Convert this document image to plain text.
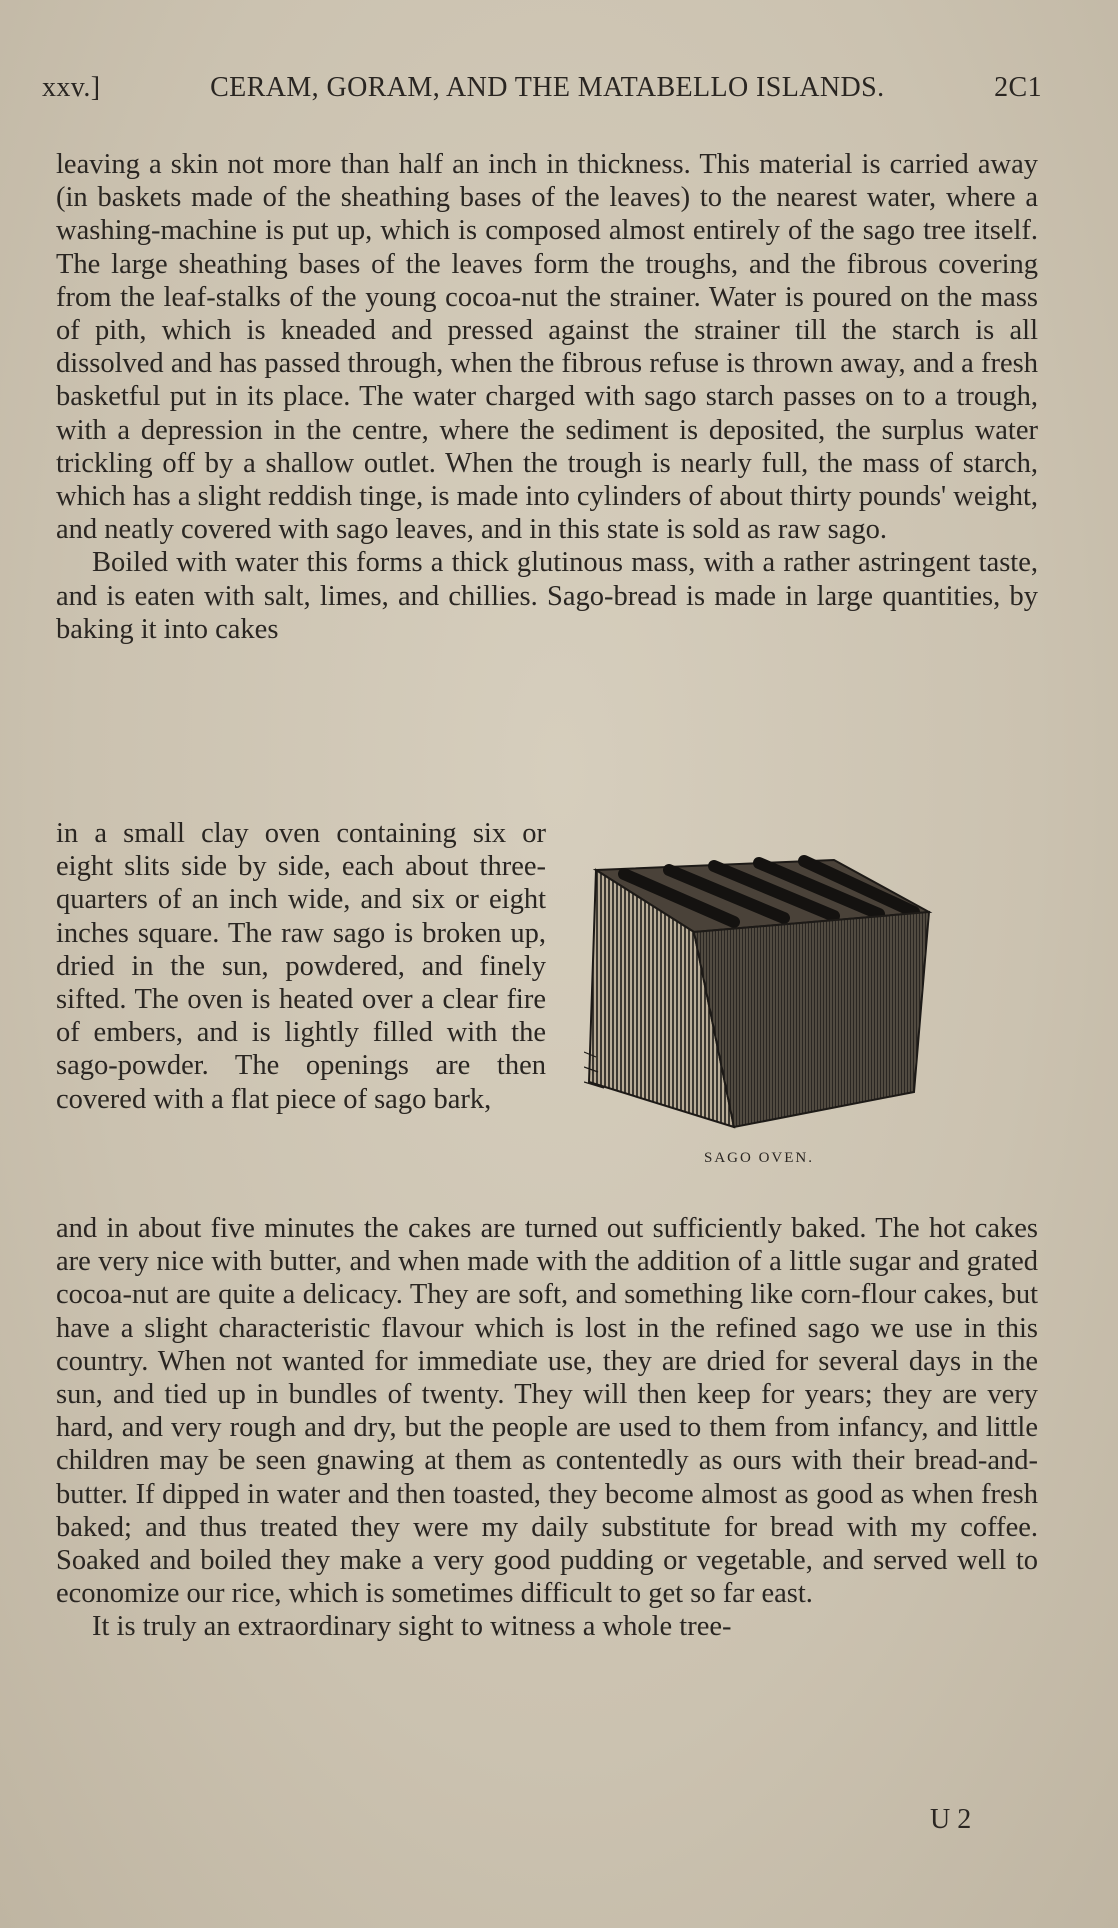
xxv.]	CERAM, GORAM, AND THE MATABELLO ISLANDS.	2C1

leaving a skin not more than half an inch in thickness. This material is carried away (in baskets made of the sheathing bases of the leaves) to the nearest water, where a washing-machine is put up, which is composed almost entirely of the sago tree itself. The large sheathing bases of the leaves form the troughs, and the fibrous covering from the leaf-stalks of the young cocoa-nut the strainer. Water is poured on the mass of pith, which is kneaded and pressed against the strainer till the starch is all dissolved and has passed through, when the fibrous refuse is thrown away, and a fresh basketful put in its place. The water charged with sago starch passes on to a trough, with a depression in the centre, where the sediment is deposited, the surplus water trickling off by a shallow outlet. When the trough is nearly full, the mass of starch, which has a slight reddish tinge, is made into cylinders of about thirty pounds' weight, and neatly covered with sago leaves, and in this state is sold as raw sago.

Boiled with water this forms a thick glutinous mass, with a rather astringent taste, and is eaten with salt, limes, and chillies. Sago-bread is made in large quantities, by baking it into cakes

in a small clay oven containing six or eight slits side by side, each about three-quarters of an inch wide, and six or eight inches square. The raw sago is broken up, dried in the sun, powdered, and finely sifted. The oven is heated over a clear fire of embers, and is lightly filled with the sago-powder. The openings are then covered with a flat piece of sago bark,

SAGO OVEN.

and in about five minutes the cakes are turned out sufficiently baked. The hot cakes are very nice with butter, and when made with the addition of a little sugar and grated cocoa-nut are quite a delicacy. They are soft, and something like corn-flour cakes, but have a slight characteristic flavour which is lost in the refined sago we use in this country. When not wanted for immediate use, they are dried for several days in the sun, and tied up in bundles of twenty. They will then keep for years; they are very hard, and very rough and dry, but the people are used to them from infancy, and little children may be seen gnawing at them as contentedly as ours with their bread-and-butter. If dipped in water and then toasted, they become almost as good as when fresh baked; and thus treated they were my daily substitute for bread with my coffee. Soaked and boiled they make a very good pudding or vegetable, and served well to economize our rice, which is sometimes difficult to get so far east.

It is truly an extraordinary sight to witness a whole tree-

U 2
